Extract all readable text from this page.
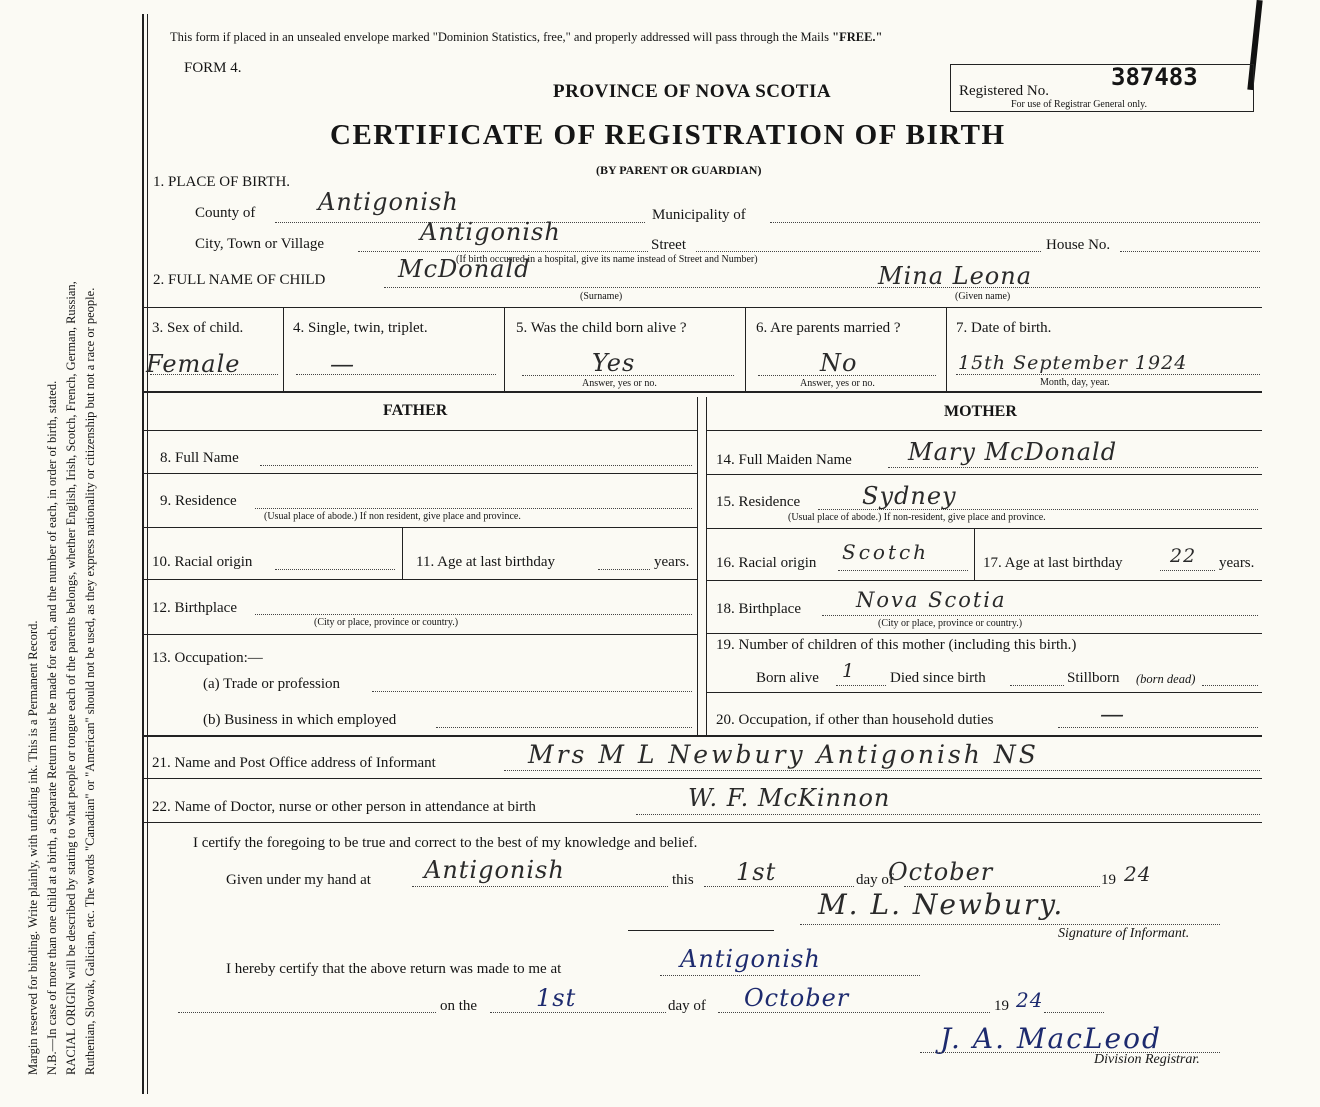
Margin reserved for binding. Write plainly, with unfading ink. This is a Permanent Record. N.B.—In case of more than one child at a birth, a Separate Return must be made for each, and the number of each, in order of birth, stated. RACIAL ORIGIN will be described by stating to what people or tongue each of the parents belongs, whether English, Irish, Scotch, French, German, Russian, Ruthenian, Slovak, Galician, etc. The words "Canadian" or "American" should not be used, as they express nationality or citizenship but not a race or people.
This form if placed in an unsealed envelope marked "Dominion Statistics, free," and properly addressed will pass through the Mails "FREE."
FORM 4.
PROVINCE OF NOVA SCOTIA
CERTIFICATE OF REGISTRATION OF BIRTH
(BY PARENT OR GUARDIAN)
Registered No.	387483
For use of Registrar General only.
1. PLACE OF BIRTH.
County of	Antigonish	Municipality of
City, Town or Village	Antigonish	Street	House No.
(If birth occurred in a hospital, give its name instead of Street and Number)
2. FULL NAME OF CHILD	McDonald
(Surname)
Mina Leona
(Given name)
3. Sex of child.
Female
4. Single, twin, triplet.
—
5. Was the child born alive ?
Yes
Answer, yes or no.
6. Are parents married ?
No
Answer, yes or no.
7. Date of birth.
15th September 1924
Month, day, year.
FATHER	MOTHER
8. Full Name
9. Residence
(Usual place of abode.) If non resident, give place and province.
10. Racial origin	11. Age at last birthday	years.
12. Birthplace
(City or place, province or country.)
13. Occupation:—
(a) Trade or profession
(b) Business in which employed
14. Full Maiden Name Mary McDonald
15. Residence	Sydney
(Usual place of abode.) If non-resident, give place and province.
16. Racial origin Scotch	17. Age at last birthday 22 years.
18. Birthplace	Nova Scotia
(City or place, province or country.)
19. Number of children of this mother (including this birth.)
Born alive 1 Died since birth	Stillborn (born dead)
20. Occupation, if other than household duties	—
21. Name and Post Office address of Informant	Mrs M L Newbury Antigonish NS
22. Name of Doctor, nurse or other person in attendance at birth	W. F. McKinnon
I certify the foregoing to be true and correct to the best of my knowledge and belief.
Given under my hand at Antigonish	this 1st	day of
October	19 24
M. L. Newbury.
Signature of Informant.
I hereby certify that the above return was made to me at	Antigonish
on the 1st	day of October	19 24
J. A. MacLeod
Division Registrar.
